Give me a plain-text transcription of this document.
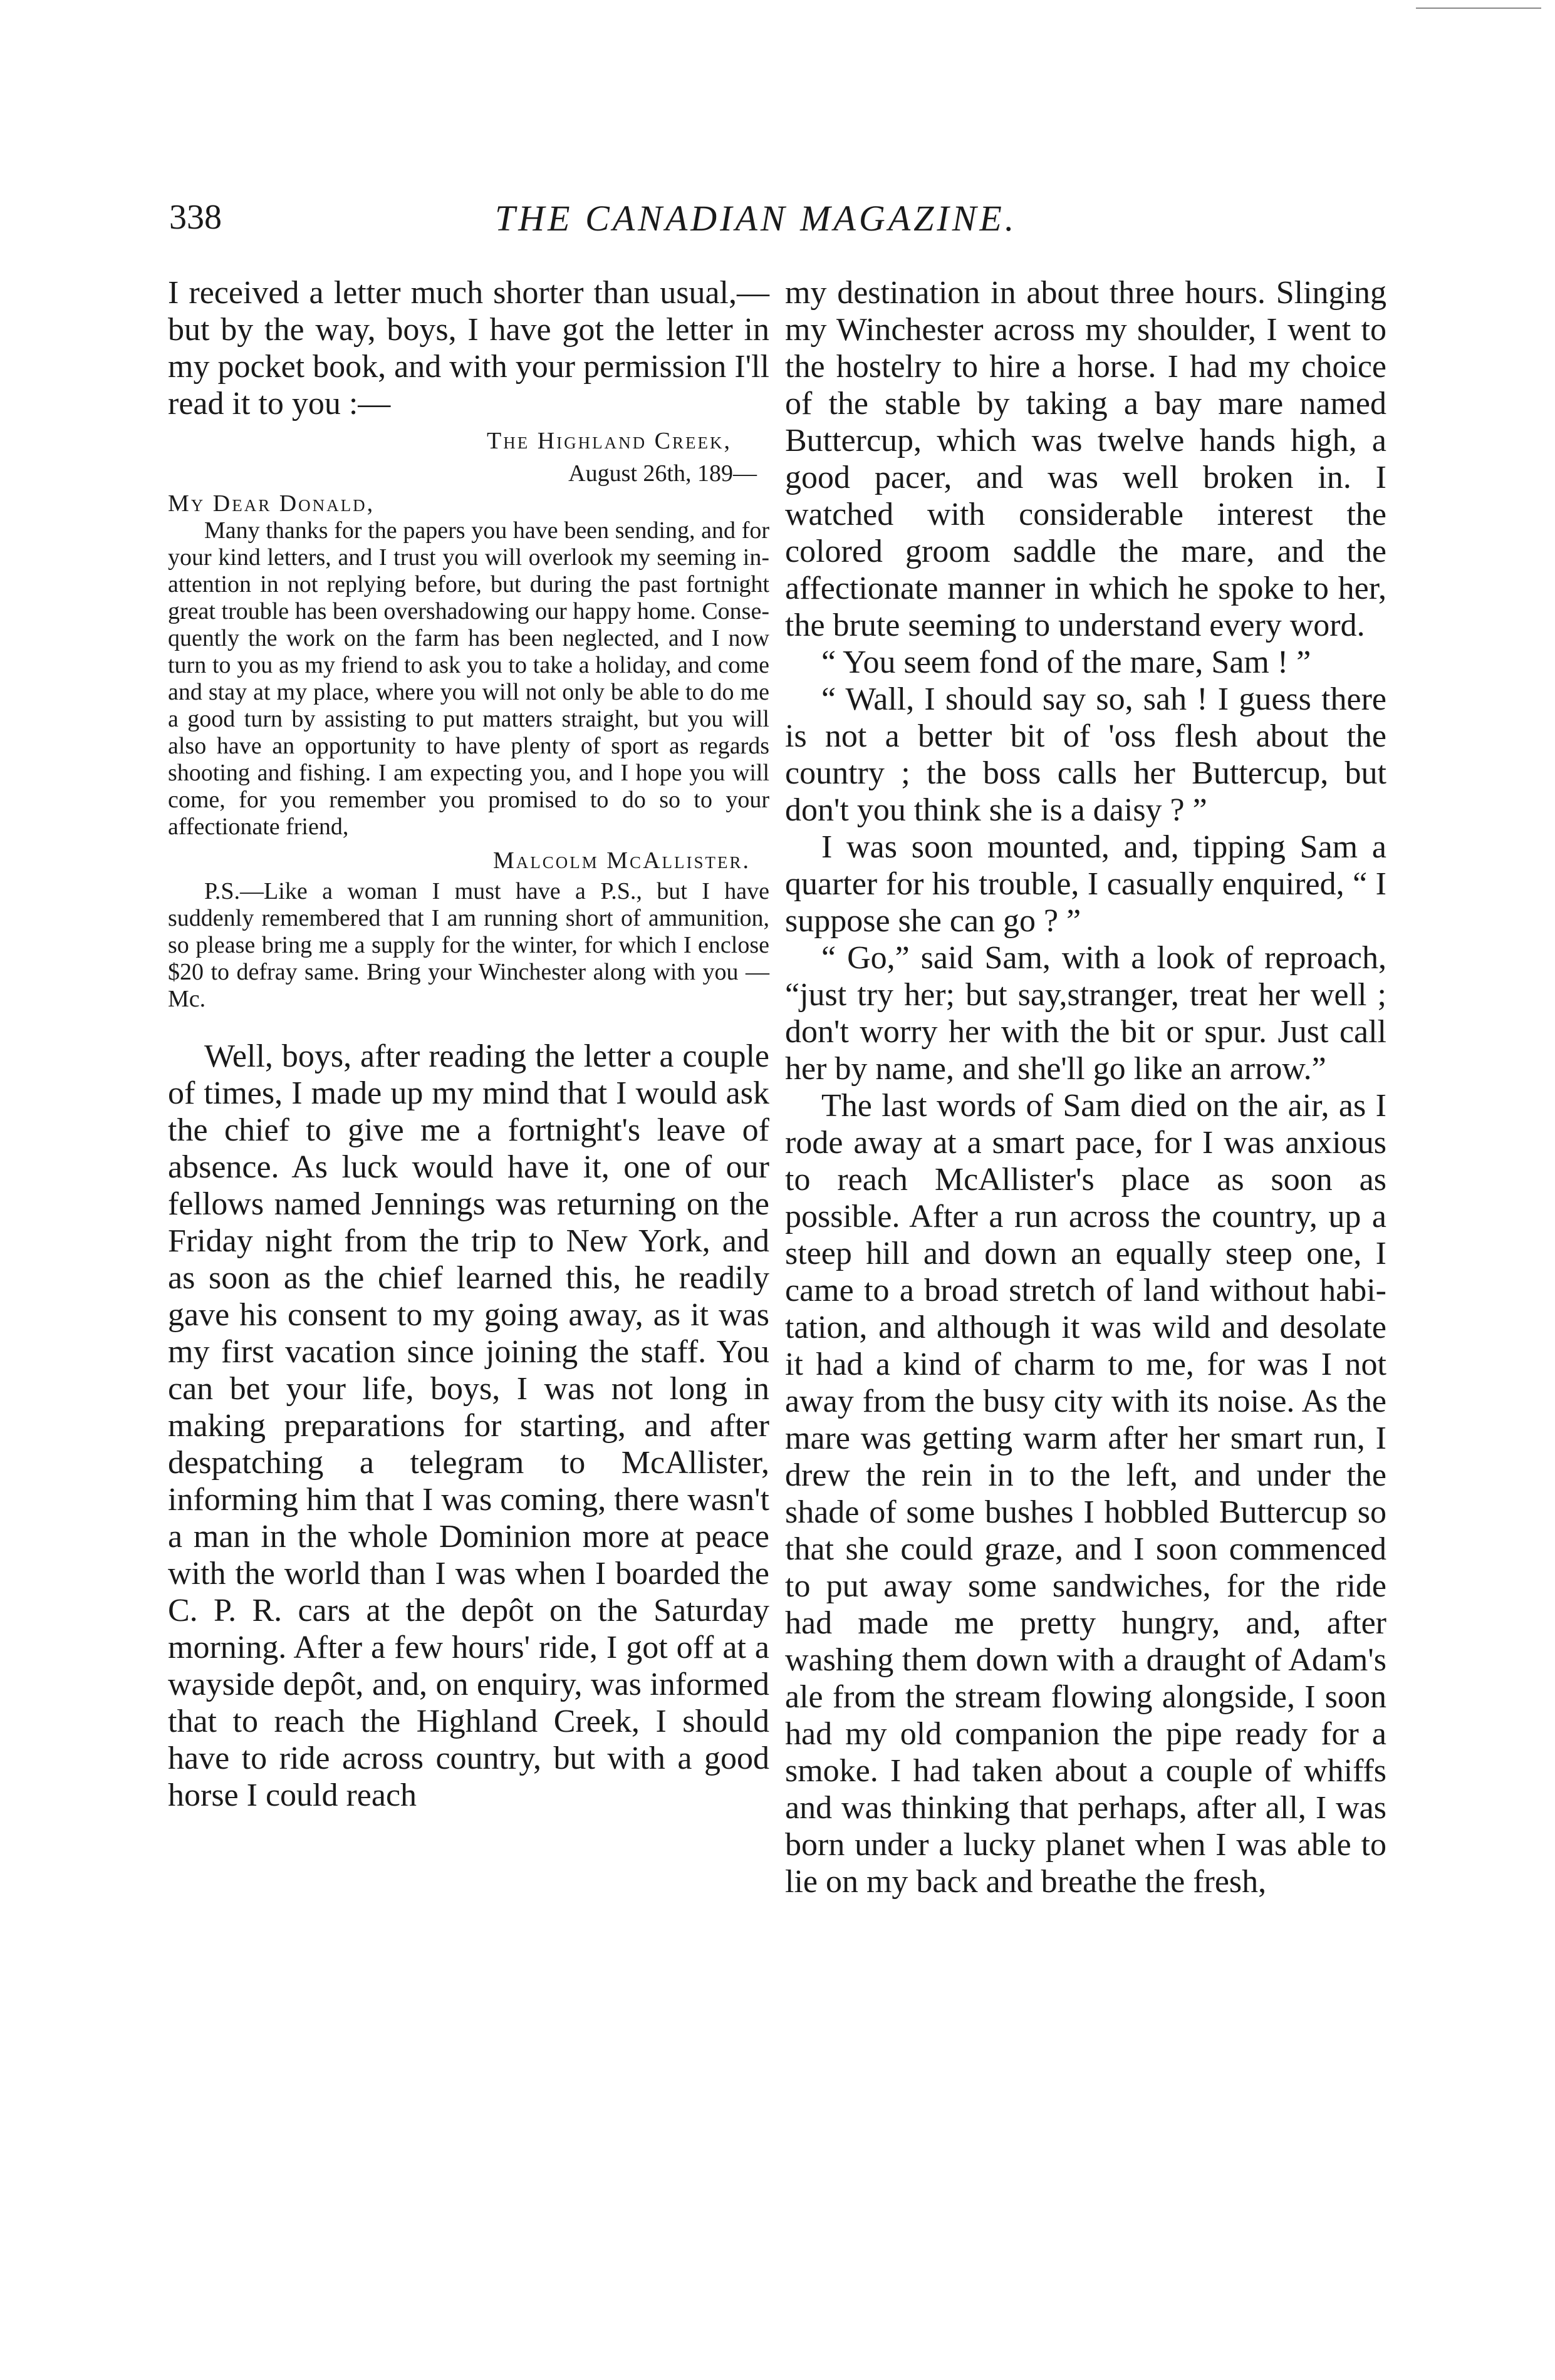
338	THE CANADIAN MAGAZINE.

I received a letter much shorter than usual,—but by the way, boys, I have got the letter in my pocket book, and with your permission I'll read it to you :—

The Highland Creek,
August 26th, 189—
My Dear Donald,

Many thanks for the papers you have been sending, and for your kind letters, and I trust you will overlook my seeming inattention in not replying before, but during the past fortnight great trouble has been overshadowing our happy home. Consequently the work on the farm has been neglected, and I now turn to you as my friend to ask you to take a holiday, and come and stay at my place, where you will not only be able to do me a good turn by assisting to put matters straight, but you will also have an opportunity to have plenty of sport as regards shooting and fishing. I am expecting you, and I hope you will come, for you remember you promised to do so to your affectionate friend,

Malcolm McAllister.

P.S.—Like a woman I must have a P.S., but I have suddenly remembered that I am running short of ammunition, so please bring me a supply for the winter, for which I enclose $20 to defray same. Bring your Winchester along with you —Mc.

Well, boys, after reading the letter a couple of times, I made up my mind that I would ask the chief to give me a fortnight's leave of absence. As luck would have it, one of our fellows named Jennings was returning on the Friday night from the trip to New York, and as soon as the chief learned this, he readily gave his consent to my going away, as it was my first vacation since joining the staff. You can bet your life, boys, I was not long in making preparations for starting, and after despatching a telegram to McAllister, informing him that I was coming, there wasn't a man in the whole Dominion more at peace with the world than I was when I boarded the C. P. R. cars at the depôt on the Saturday morning. After a few hours' ride, I got off at a wayside depôt, and, on enquiry, was informed that to reach the Highland Creek, I should have to ride across country, but with a good horse I could reach

my destination in about three hours. Slinging my Winchester across my shoulder, I went to the hostelry to hire a horse. I had my choice of the stable by taking a bay mare named Buttercup, which was twelve hands high, a good pacer, and was well broken in. I watched with considerable interest the colored groom saddle the mare, and the affectionate manner in which he spoke to her, the brute seeming to understand every word.

“ You seem fond of the mare, Sam ! ”

“ Wall, I should say so, sah ! I guess there is not a better bit of 'oss flesh about the country ; the boss calls her Buttercup, but don't you think she is a daisy ? ”

I was soon mounted, and, tipping Sam a quarter for his trouble, I casually enquired, “ I suppose she can go ? ”

“ Go,” said Sam, with a look of reproach, “just try her; but say,stranger, treat her well ; don't worry her with the bit or spur. Just call her by name, and she'll go like an arrow.”

The last words of Sam died on the air, as I rode away at a smart pace, for I was anxious to reach McAllister's place as soon as possible. After a run across the country, up a steep hill and down an equally steep one, I came to a broad stretch of land without habitation, and although it was wild and desolate it had a kind of charm to me, for was I not away from the busy city with its noise. As the mare was getting warm after her smart run, I drew the rein in to the left, and under the shade of some bushes I hobbled Buttercup so that she could graze, and I soon commenced to put away some sandwiches, for the ride had made me pretty hungry, and, after washing them down with a draught of Adam's ale from the stream flowing alongside, I soon had my old companion the pipe ready for a smoke. I had taken about a couple of whiffs and was thinking that perhaps, after all, I was born under a lucky planet when I was able to lie on my back and breathe the fresh,
